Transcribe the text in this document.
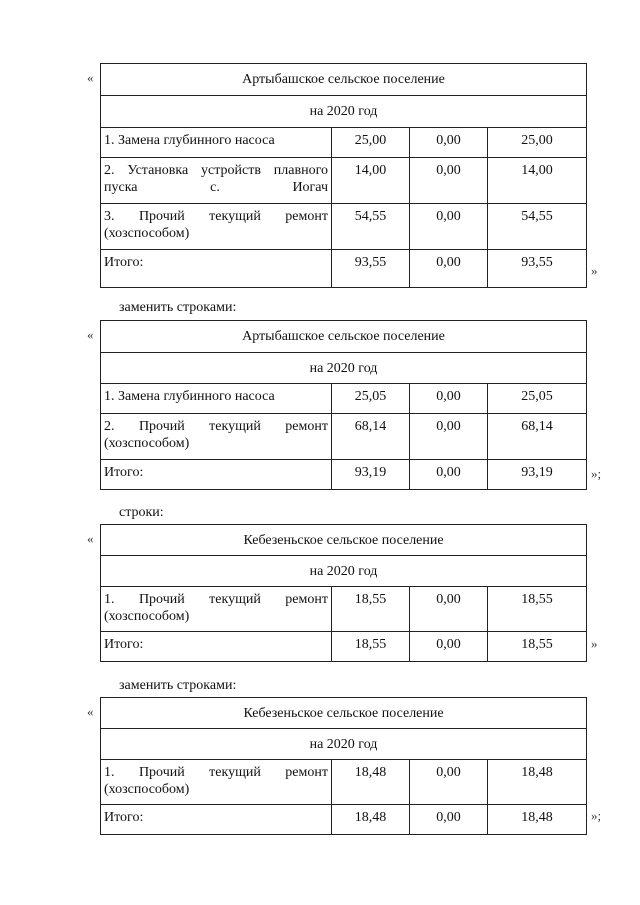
«	Артыбашское сельское поселение			
на 2020 год			
1. Замена глубинного насоса	25,00	0,00	25,00
2. Установка устройств плавного пуска с. Иогач	14,00	0,00	14,00
3. Прочий текущий ремонт (хозспособом)	54,55	0,00	54,55
Итого:	93,55	0,00	93,55
»
заменить строками:
«	Артыбашское сельское поселение			
на 2020 год			
1. Замена глубинного насоса	25,05	0,00	25,05
2. Прочий текущий ремонт (хозспособом)	68,14	0,00	68,14
Итого:	93,19	0,00	93,19	»;
строки:
«	Кебезеньское сельское поселение			
на 2020 год			
1. Прочий текущий ремонт (хозспособом)	18,55	0,00	18,55
Итого:	18,55	0,00	18,55	»
заменить строками:
«	Кебезеньское сельское поселение			
на 2020 год			
1. Прочий текущий ремонт (хозспособом)	18,48	0,00	18,48
Итого:	18,48	0,00	18,48	»;
